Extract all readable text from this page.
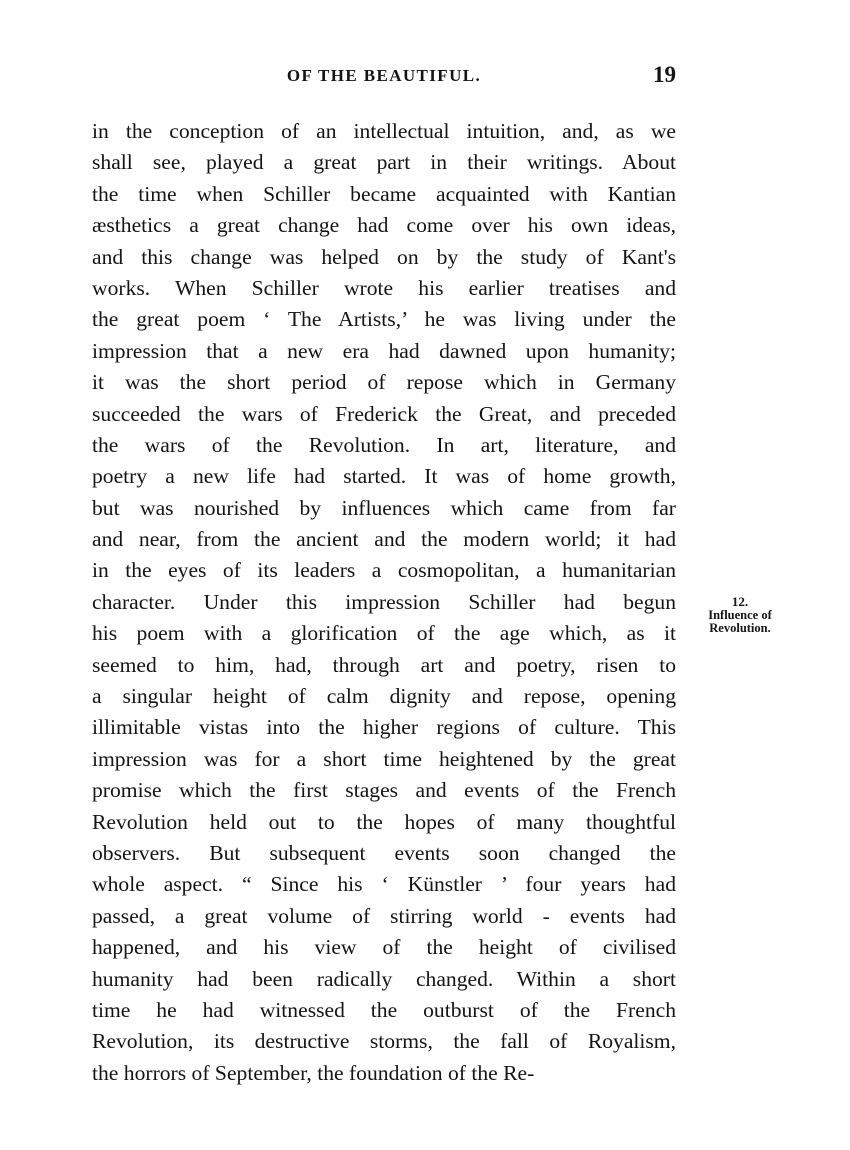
OF THE BEAUTIFUL.	19
in the conception of an intellectual intuition, and, as we
shall see, played a great part in their writings. About
the time when Schiller became acquainted with Kantian
æsthetics a great change had come over his own ideas,
and this change was helped on by the study of Kant's
works. When Schiller wrote his earlier treatises and
the great poem ‘ The Artists,’ he was living under the
impression that a new era had dawned upon humanity;
it was the short period of repose which in Germany
succeeded the wars of Frederick the Great, and preceded
the wars of the Revolution. In art, literature, and
poetry a new life had started. It was of home growth,
but was nourished by influences which came from far
and near, from the ancient and the modern world; it had
in the eyes of its leaders a cosmopolitan, a humanitarian
character. Under this impression Schiller had begun
his poem with a glorification of the age which, as it
seemed to him, had, through art and poetry, risen to
a singular height of calm dignity and repose, opening
illimitable vistas into the higher regions of culture. This
impression was for a short time heightened by the great
promise which the first stages and events of the French
Revolution held out to the hopes of many thoughtful
observers. But subsequent events soon changed the
whole aspect. “ Since his ‘ Künstler ’ four years had
passed, a great volume of stirring world - events had
happened, and his view of the height of civilised
humanity had been radically changed. Within a short
time he had witnessed the outburst of the French
Revolution, its destructive storms, the fall of Royalism,
the horrors of September, the foundation of the Re-
12.
Influence of Revolution.
